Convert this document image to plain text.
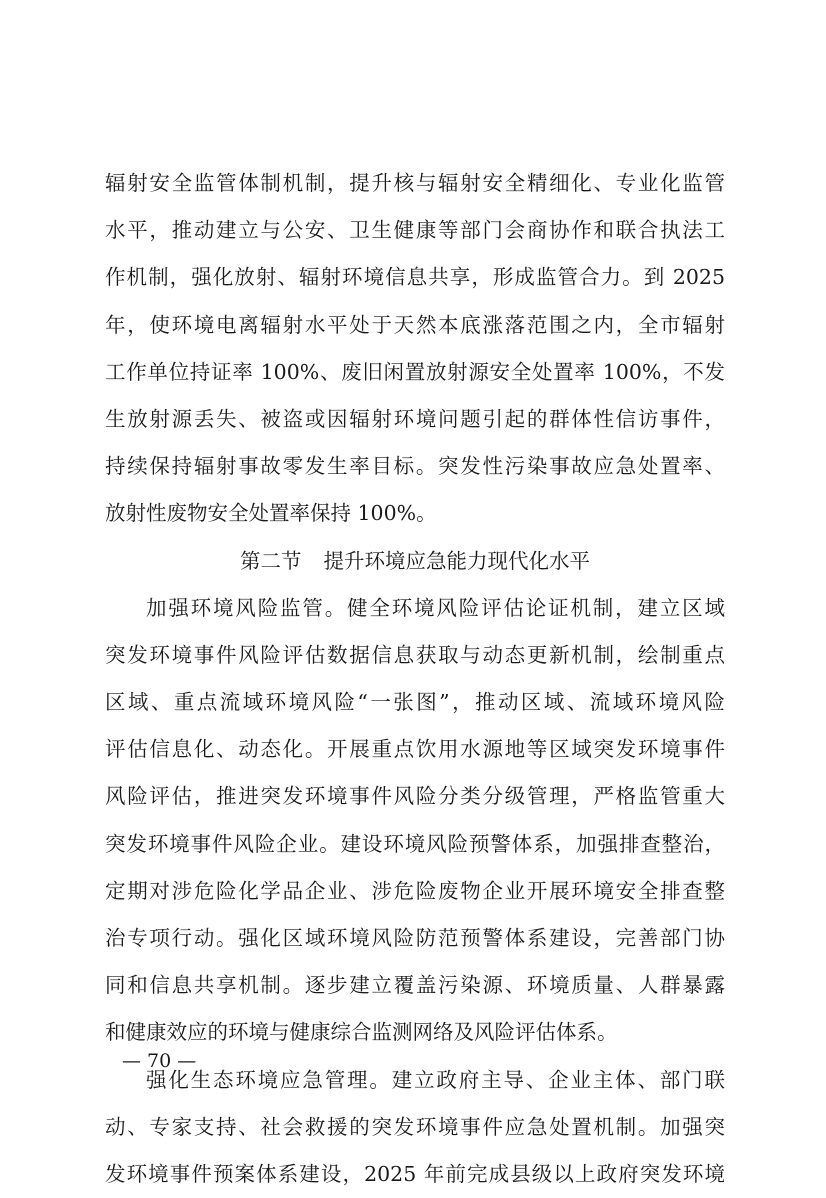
辐射安全监管体制机制，提升核与辐射安全精细化、专业化监管
水平，推动建立与公安、卫生健康等部门会商协作和联合执法工
作机制，强化放射、辐射环境信息共享，形成监管合力。到 2025
年，使环境电离辐射水平处于天然本底涨落范围之内，全市辐射
工作单位持证率 100%、废旧闲置放射源安全处置率 100%，不发
生放射源丢失、被盗或因辐射环境问题引起的群体性信访事件，
持续保持辐射事故零发生率目标。突发性污染事故应急处置率、
放射性废物安全处置率保持 100%。
第二节 提升环境应急能力现代化水平
加强环境风险监管。健全环境风险评估论证机制，建立区域
突发环境事件风险评估数据信息获取与动态更新机制，绘制重点
区域、重点流域环境风险“一张图”，推动区域、流域环境风险
评估信息化、动态化。开展重点饮用水源地等区域突发环境事件
风险评估，推进突发环境事件风险分类分级管理，严格监管重大
突发环境事件风险企业。建设环境风险预警体系，加强排查整治，
定期对涉危险化学品企业、涉危险废物企业开展环境安全排查整
治专项行动。强化区域环境风险防范预警体系建设，完善部门协
同和信息共享机制。逐步建立覆盖污染源、环境质量、人群暴露
和健康效应的环境与健康综合监测网络及风险评估体系。
强化生态环境应急管理。建立政府主导、企业主体、部门联
动、专家支持、社会救援的突发环境事件应急处置机制。加强突
发环境事件预案体系建设，2025 年前完成县级以上政府突发环境
— 70 —
